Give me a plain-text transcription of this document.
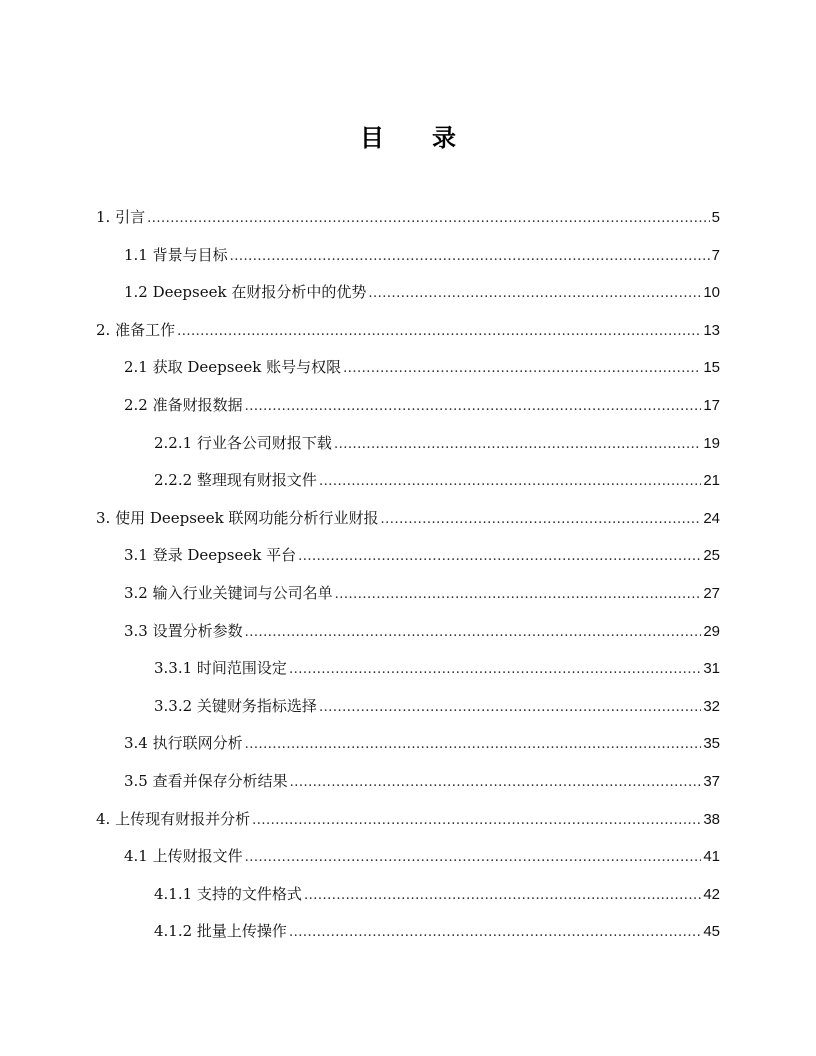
目 录
1. 引言 .....	5
1.1 背景与目标 .....	7
1.2 Deepseek 在财报分析中的优势 .....	10
2. 准备工作 .....	13
2.1 获取 Deepseek 账号与权限 .....	15
2.2 准备财报数据 .....	17
2.2.1 行业各公司财报下载 .....	19
2.2.2 整理现有财报文件 .....	21
3. 使用 Deepseek 联网功能分析行业财报 .....	24
3.1 登录 Deepseek 平台 .....	25
3.2 输入行业关键词与公司名单 .....	27
3.3 设置分析参数 .....	29
3.3.1 时间范围设定 .....	31
3.3.2 关键财务指标选择 .....	32
3.4 执行联网分析 .....	35
3.5 查看并保存分析结果 .....	37
4. 上传现有财报并分析 .....	38
4.1 上传财报文件 .....	41
4.1.1 支持的文件格式 .....	42
4.1.2 批量上传操作 .....	45
